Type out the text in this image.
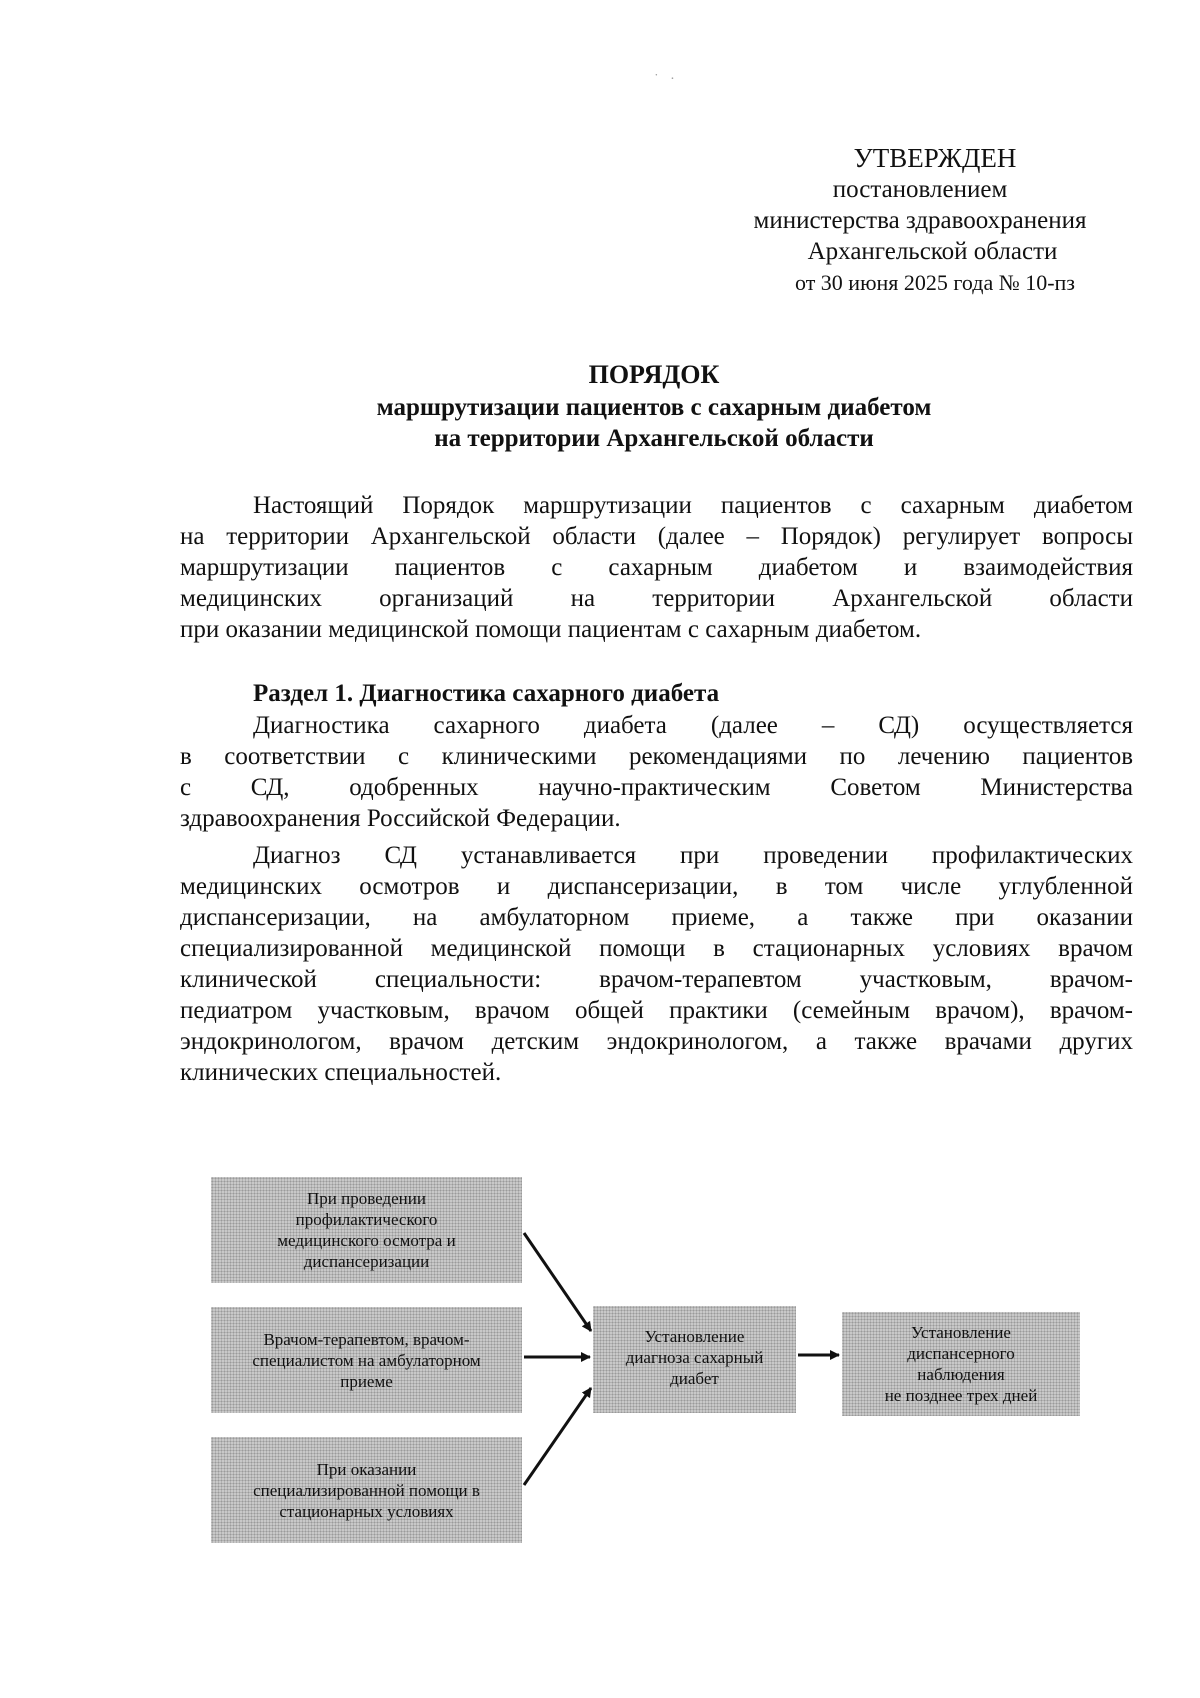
˙ ·
УТВЕРЖДЕН
постановлением
министерства здравоохранения
Архангельской области
от 30 июня 2025 года № 10-пз
ПОРЯДОК
маршрутизации пациентов с сахарным диабетом
на территории Архангельской области
Настоящий Порядок маршрутизации пациентов с сахарным диабетом
на территории Архангельской области (далее – Порядок) регулирует вопросы
маршрутизации пациентов с сахарным диабетом и взаимодействия
медицинских организаций на территории Архангельской области
при оказании медицинской помощи пациентам с сахарным диабетом.
Раздел 1. Диагностика сахарного диабета
Диагностика сахарного диабета (далее – СД) осуществляется
в соответствии с клиническими рекомендациями по лечению пациентов
с СД, одобренных научно-практическим Советом Министерства
здравоохранения Российской Федерации.
Диагноз СД устанавливается при проведении профилактических
медицинских осмотров и диспансеризации, в том числе углубленной
диспансеризации, на амбулаторном приеме, а также при оказании
специализированной медицинской помощи в стационарных условиях врачом
клинической специальности: врачом-терапевтом участковым, врачом-
педиатром участковым, врачом общей практики (семейным врачом), врачом-
эндокринологом, врачом детским эндокринологом, а также врачами других
клинических специальностей.
При проведении
профилактического
медицинского осмотра и
диспансеризации
Врачом-терапевтом, врачом-
специалистом на амбулаторном
приеме
При оказании
специализированной помощи в
стационарных условиях
Установление
диагноза сахарный
диабет
Установление
диспансерного
наблюдения
не позднее трех дней
